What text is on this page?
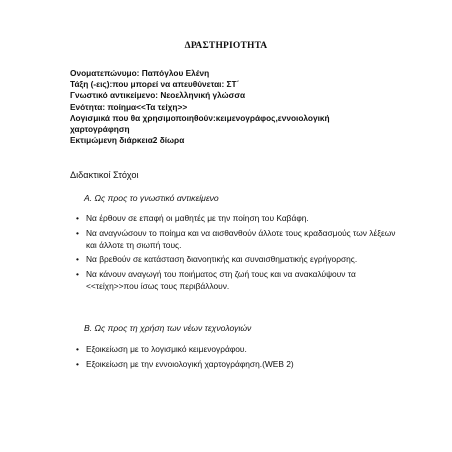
ΔΡΑΣΤΗΡΙΟΤΗΤΑ
Ονοματεπώνυμο: Παπόγλου Ελένη
Τάξη (-εις):που μπορεί να απευθύνεται: ΣΤ΄
Γνωστικό αντικείμενο: Νεοελληνική γλώσσα
Ενότητα: ποίημα<<Τα τείχη>>
Λογισμικά που θα χρησιμοποιηθούν:κειμενογράφος,εννοιολογική χαρτογράφηση
Εκτιμώμενη διάρκεια2 δίωρα
Διδακτικοί Στόχοι
Α. Ως προς το γνωστικό αντικείμενο
• Να έρθουν σε επαφή οι μαθητές με την ποίηση του Καβάφη.
• Να αναγνώσουν το ποίημα και να αισθανθούν άλλοτε τους κραδασμούς των λέξεων και άλλοτε τη σιωπή τους.
• Να βρεθούν σε κατάσταση διανοητικής και συναισθηματικής εγρήγορσης.
• Να κάνουν αναγωγή του ποιήματος στη ζωή τους και να ανακαλύψουν τα <<τείχη>>που ίσως τους περιβάλλουν.
Β. Ως προς τη χρήση των νέων τεχνολογιών
• Εξοικείωση με το λογισμικό κειμενογράφου.
• Εξοικείωση με την εννοιολογική χαρτογράφηση.(WEB 2)
